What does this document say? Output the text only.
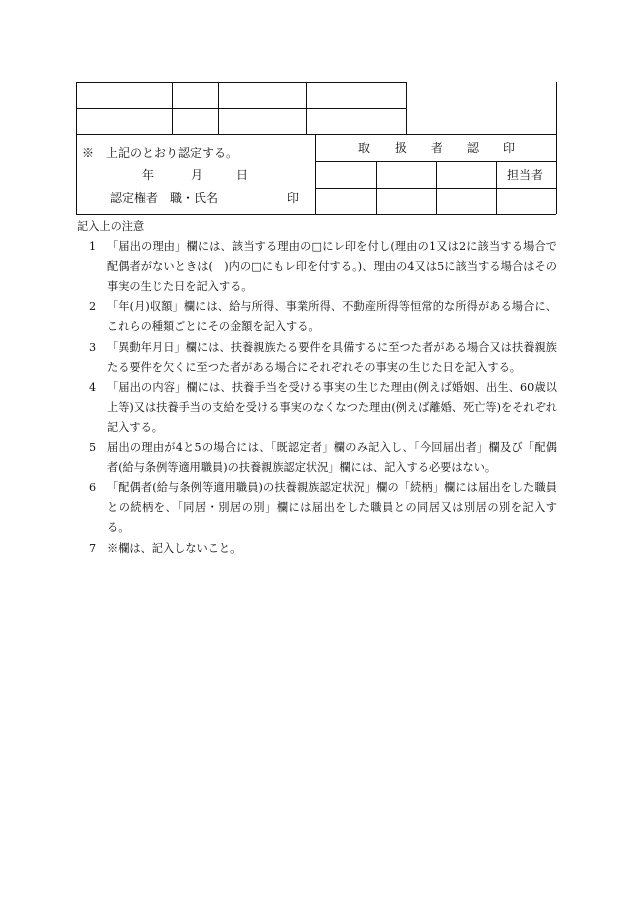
※　上記のとおり認定する。
年	月	日
認定権者　職・氏名	印
取 扱 者 認 印
担当者

記入上の注意

1 「届出の理由」欄には、該当する理由の□にレ印を付し(理由の1又は2に該当する場合で配偶者がないときは(　)内の□にもレ印を付する。)、理由の4又は5に該当する場合はその事実の生じた日を記入する。
2 「年(月)収額」欄には、給与所得、事業所得、不動産所得等恒常的な所得がある場合に、これらの種類ごとにその金額を記入する。
3 「異動年月日」欄には、扶養親族たる要件を具備するに至つた者がある場合又は扶養親族たる要件を欠くに至つた者がある場合にそれぞれその事実の生じた日を記入する。
4 「届出の内容」欄には、扶養手当を受ける事実の生じた理由(例えば婚姻、出生、60歳以上等)又は扶養手当の支給を受ける事実のなくなつた理由(例えば離婚、死亡等)をそれぞれ記入する。
5 届出の理由が4と5の場合には、「既認定者」欄のみ記入し、「今回届出者」欄及び「配偶者(給与条例等適用職員)の扶養親族認定状況」欄には、記入する必要はない。
6 「配偶者(給与条例等適用職員)の扶養親族認定状況」欄の「続柄」欄には届出をした職員との続柄を、「同居・別居の別」欄には届出をした職員との同居又は別居の別を記入する。
7 ※欄は、記入しないこと。
